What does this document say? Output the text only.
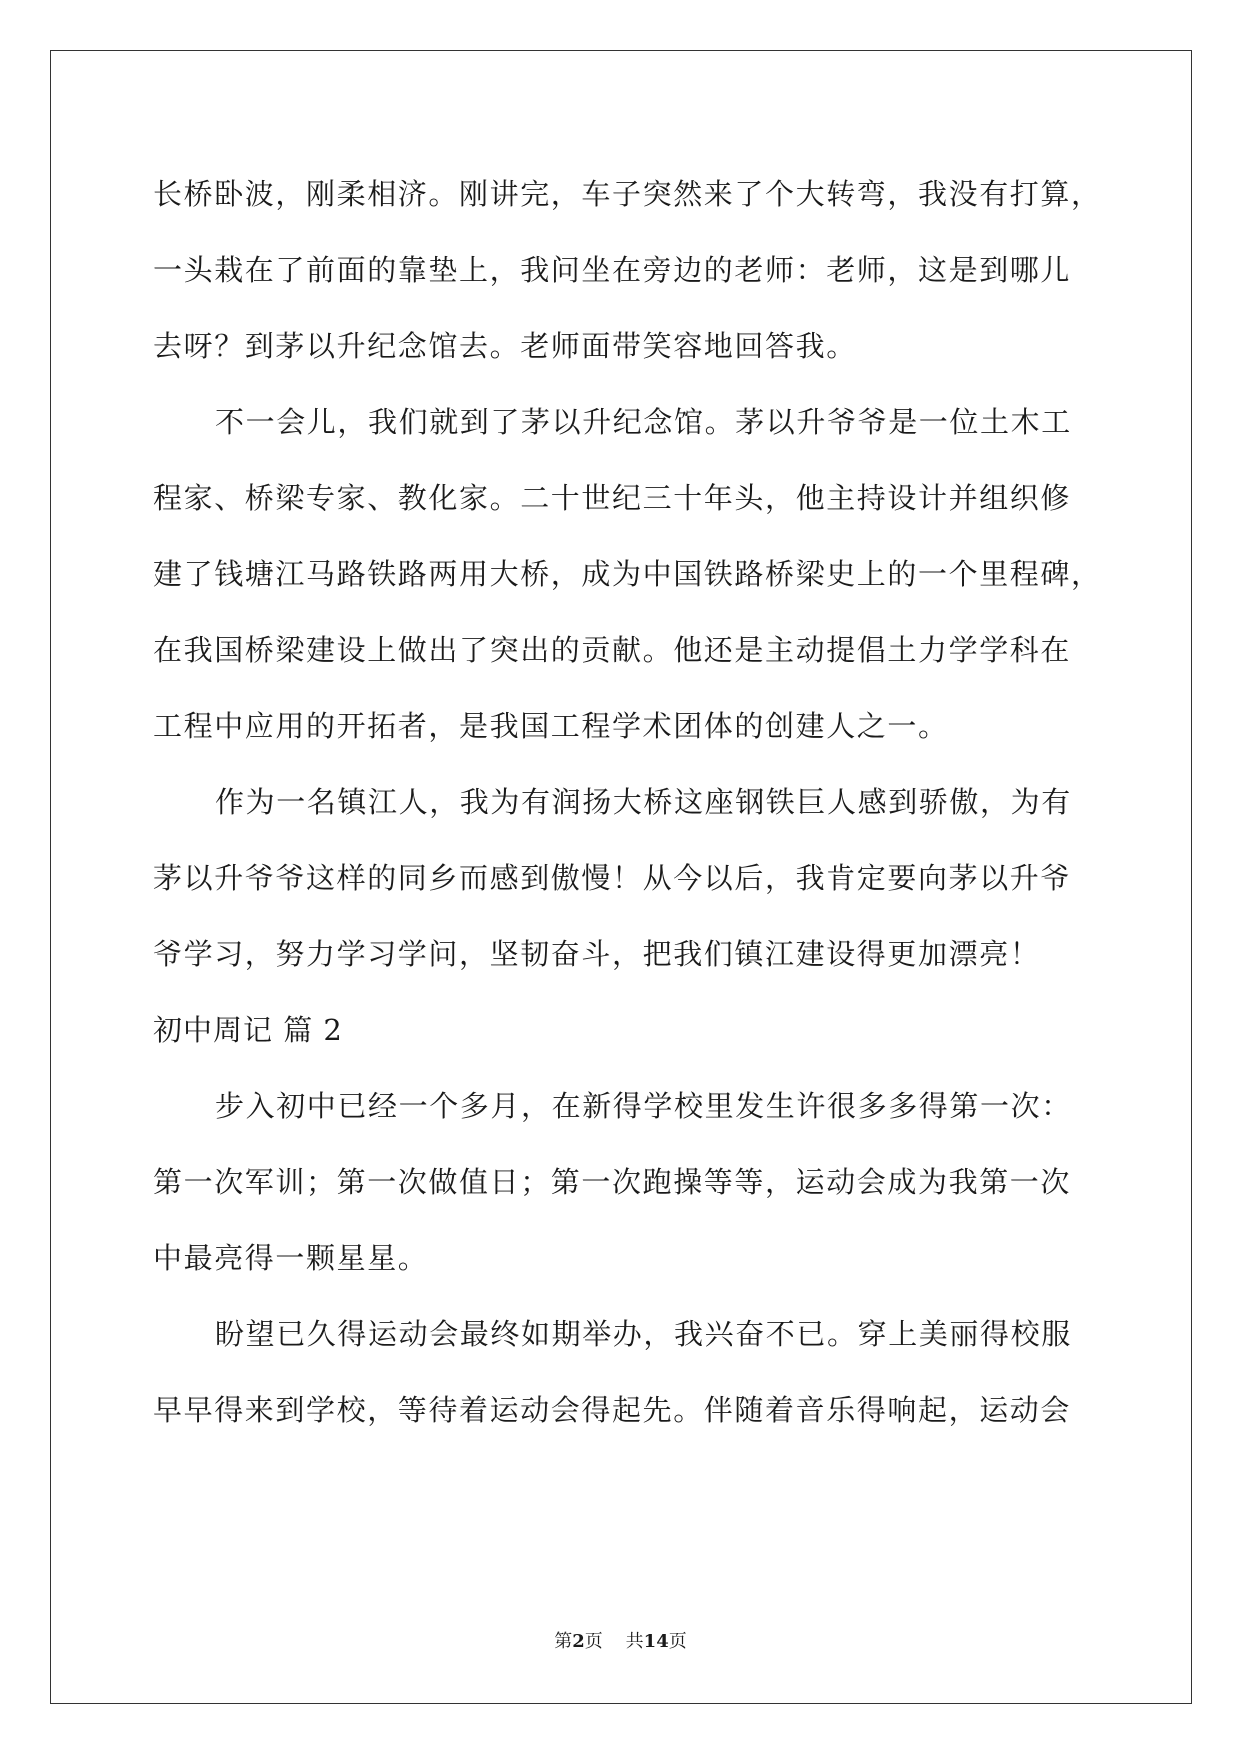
长桥卧波，刚柔相济。刚讲完，车子突然来了个大转弯，我没有打算，
一头栽在了前面的靠垫上，我问坐在旁边的老师：老师，这是到哪儿
去呀？到茅以升纪念馆去。老师面带笑容地回答我。
不一会儿，我们就到了茅以升纪念馆。茅以升爷爷是一位土木工
程家、桥梁专家、教化家。二十世纪三十年头，他主持设计并组织修
建了钱塘江马路铁路两用大桥，成为中国铁路桥梁史上的一个里程碑，
在我国桥梁建设上做出了突出的贡献。他还是主动提倡土力学学科在
工程中应用的开拓者，是我国工程学术团体的创建人之一。
作为一名镇江人，我为有润扬大桥这座钢铁巨人感到骄傲，为有
茅以升爷爷这样的同乡而感到傲慢！从今以后，我肯定要向茅以升爷
爷学习，努力学习学问，坚韧奋斗，把我们镇江建设得更加漂亮！
初中周记 篇 2
步入初中已经一个多月，在新得学校里发生许很多多得第一次：
第一次军训；第一次做值日；第一次跑操等等，运动会成为我第一次
中最亮得一颗星星。
盼望已久得运动会最终如期举办，我兴奋不已。穿上美丽得校服
早早得来到学校，等待着运动会得起先。伴随着音乐得响起，运动会
第2页    共14页
